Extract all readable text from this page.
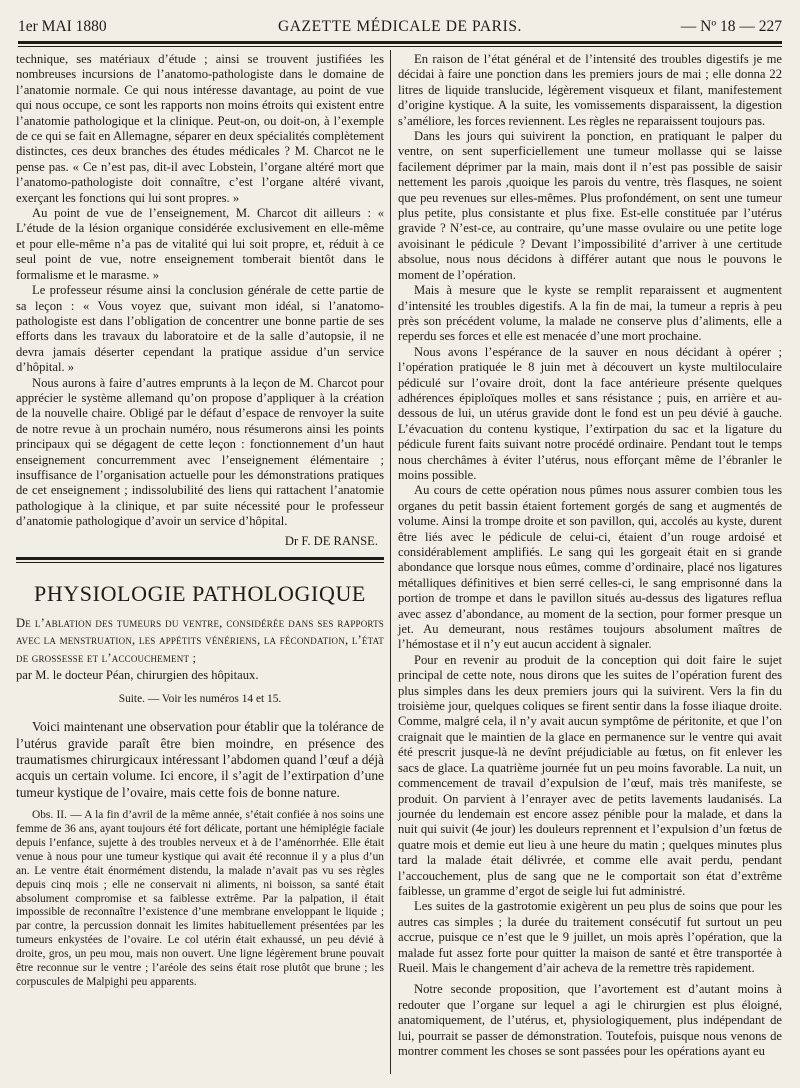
1er MAI 1880	GAZETTE MÉDICALE DE PARIS.	— Nº 18 — 227

technique, ses matériaux d’étude ; ainsi se trouvent justifiées les nombreuses incursions de l’anatomo-pathologiste dans le domaine de l’anatomie normale. Ce qui nous intéresse davantage, au point de vue qui nous occupe, ce sont les rapports non moins étroits qui existent entre l’anatomie pathologique et la clinique. Peut-on, ou doit-on, à l’exemple de ce qui se fait en Allemagne, séparer en deux spécialités complètement distinctes, ces deux branches des études médicales ? M. Charcot ne le pense pas. « Ce n’est pas, dit-il avec Lobstein, l’organe altéré mort que l’anatomo-pathologiste doit connaître, c’est l’organe altéré vivant, exerçant les fonctions qui lui sont propres. »

Au point de vue de l’enseignement, M. Charcot dit ailleurs : « L’étude de la lésion organique considérée exclusivement en elle-même et pour elle-même n’a pas de vitalité qui lui soit propre, et, réduit à ce seul point de vue, notre enseignement tomberait bientôt dans le formalisme et le marasme. »

Le professeur résume ainsi la conclusion générale de cette partie de sa leçon : « Vous voyez que, suivant mon idéal, si l’anatomo-pathologiste est dans l’obligation de concentrer une bonne partie de ses efforts dans les travaux du laboratoire et de la salle d’autopsie, il ne devra jamais déserter cependant la pratique assidue d’un service d’hôpital. »

Nous aurons à faire d’autres emprunts à la leçon de M. Charcot pour apprécier le système allemand qu’on propose d’appliquer à la création de la nouvelle chaire. Obligé par le défaut d’espace de renvoyer la suite de notre revue à un prochain numéro, nous résumerons ainsi les points principaux qui se dégagent de cette leçon : fonctionnement d’un haut enseignement concurremment avec l’enseignement élémentaire ; insuffisance de l’organisation actuelle pour les démonstrations pratiques de cet enseignement ; indissolubilité des liens qui rattachent l’anatomie pathologique à la clinique, et par suite nécessité pour le professeur d’anatomie pathologique d’avoir un service d’hôpital.

Dr F. DE RANSE.
PHYSIOLOGIE PATHOLOGIQUE
De l’ablation des tumeurs du ventre, considérée dans ses rapports avec la menstruation, les appétits vénériens, la fécondation, l’état de grossesse et l’accouchement ;
par M. le docteur Péan, chirurgien des hôpitaux.
Suite. — Voir les numéros 14 et 15.

Voici maintenant une observation pour établir que la tolérance de l’utérus gravide paraît être bien moindre, en présence des traumatismes chirurgicaux intéressant l’abdomen quand l’œuf a déjà acquis un certain volume. Ici encore, il s’agit de l’extirpation d’une tumeur kystique de l’ovaire, mais cette fois de bonne nature.

Obs. II. — A la fin d’avril de la même année, s’était confiée à nos soins une femme de 36 ans, ayant toujours été fort délicate, portant une hémiplégie faciale depuis l’enfance, sujette à des troubles nerveux et à de l’aménorrhée. Elle était venue à nous pour une tumeur kystique qui avait été reconnue il y a plus d’un an. Le ventre était énormément distendu, la malade n’avait pas vu ses règles depuis cinq mois ; elle ne conservait ni aliments, ni boisson, sa santé était absolument compromise et sa faiblesse extrême. Par la palpation, il était impossible de reconnaître l’existence d’une membrane enveloppant le liquide ; par contre, la percussion donnait les limites habituellement présentées par les tumeurs enkystées de l’ovaire. Le col utérin était exhaussé, un peu dévié à droite, gros, un peu mou, mais non ouvert. Une ligne légèrement brune pouvait être reconnue sur le ventre ; l’aréole des seins était rose plutôt que brune ; les corpuscules de Malpighi peu apparents.

En raison de l’état général et de l’intensité des troubles digestifs je me décidai à faire une ponction dans les premiers jours de mai ; elle donna 22 litres de liquide translucide, légèrement visqueux et filant, manifestement d’origine kystique. A la suite, les vomissements disparaissent, la digestion s’améliore, les forces reviennent. Les règles ne reparaissent toujours pas.

Dans les jours qui suivirent la ponction, en pratiquant le palper du ventre, on sent superficiellement une tumeur mollasse qui se laisse facilement déprimer par la main, mais dont il n’est pas possible de saisir nettement les parois ,quoique les parois du ventre, très flasques, ne soient que peu revenues sur elles-mêmes. Plus profondément, on sent une tumeur plus petite, plus consistante et plus fixe. Est-elle constituée par l’utérus gravide ? N’est-ce, au contraire, qu’une masse ovulaire ou une petite loge avoisinant le pédicule ? Devant l’impossibilité d’arriver à une certitude absolue, nous nous décidons à différer autant que nous le pouvons le moment de l’opération.

Mais à mesure que le kyste se remplit reparaissent et augmentent d’intensité les troubles digestifs. A la fin de mai, la tumeur a repris à peu près son précédent volume, la malade ne conserve plus d’aliments, elle a reperdu ses forces et elle est menacée d’une mort prochaine.

Nous avons l’espérance de la sauver en nous décidant à opérer ; l’opération pratiquée le 8 juin met à découvert un kyste multiloculaire pédiculé sur l’ovaire droit, dont la face antérieure présente quelques adhérences épiploïques molles et sans résistance ; puis, en arrière et au-dessous de lui, un utérus gravide dont le fond est un peu dévié à gauche. L’évacuation du contenu kystique, l’extirpation du sac et la ligature du pédicule furent faits suivant notre procédé ordinaire. Pendant tout le temps nous cherchâmes à éviter l’utérus, nous efforçant même de l’ébranler le moins possible.

Au cours de cette opération nous pûmes nous assurer combien tous les organes du petit bassin étaient fortement gorgés de sang et augmentés de volume. Ainsi la trompe droite et son pavillon, qui, accolés au kyste, durent être liés avec le pédicule de celui-ci, étaient d’un rouge ardoisé et considérablement amplifiés. Le sang qui les gorgeait était en si grande abondance que lorsque nous eûmes, comme d’ordinaire, placé nos ligatures métalliques définitives et bien serré celles-ci, le sang emprisonné dans la portion de trompe et dans le pavillon situés au-dessus des ligatures reflua avec assez d’abondance, au moment de la section, pour former presque un jet. Au demeurant, nous restâmes toujours absolument maîtres de l’hémostase et il n’y eut aucun accident à signaler.

Pour en revenir au produit de la conception qui doit faire le sujet principal de cette note, nous dirons que les suites de l’opération furent des plus simples dans les deux premiers jours qui la suivirent. Vers la fin du troisième jour, quelques coliques se firent sentir dans la fosse iliaque droite. Comme, malgré cela, il n’y avait aucun symptôme de péritonite, et que l’on craignait que le maintien de la glace en permanence sur le ventre qui avait été prescrit jusque-là ne devînt préjudiciable au fœtus, on fit enlever les sacs de glace. La quatrième journée fut un peu moins favorable. La nuit, un commencement de travail d’expulsion de l’œuf, mais très manifeste, se produit. On parvient à l’enrayer avec de petits lavements laudanisés. La journée du lendemain est encore assez pénible pour la malade, et dans la nuit qui suivit (4e jour) les douleurs reprennent et l’expulsion d’un fœtus de quatre mois et demie eut lieu à une heure du matin ; quelques minutes plus tard la malade était délivrée, et comme elle avait perdu, pendant l’accouchement, plus de sang que ne le comportait son état d’extrême faiblesse, un gramme d’ergot de seigle lui fut administré.

Les suites de la gastrotomie exigèrent un peu plus de soins que pour les autres cas simples ; la durée du traitement consécutif fut surtout un peu accrue, puisque ce n’est que le 9 juillet, un mois après l’opération, que la malade fut assez forte pour quitter la maison de santé et être transportée à Rueil. Mais le changement d’air acheva de la remettre très rapidement.

Notre seconde proposition, que l’avortement est d’autant moins à redouter que l’organe sur lequel a agi le chirurgien est plus éloigné, anatomiquement, de l’utérus, et, physiologiquement, plus indépendant de lui, pourrait se passer de démonstration. Toutefois, puisque nous venons de montrer comment les choses se sont passées pour les opérations ayant eu
